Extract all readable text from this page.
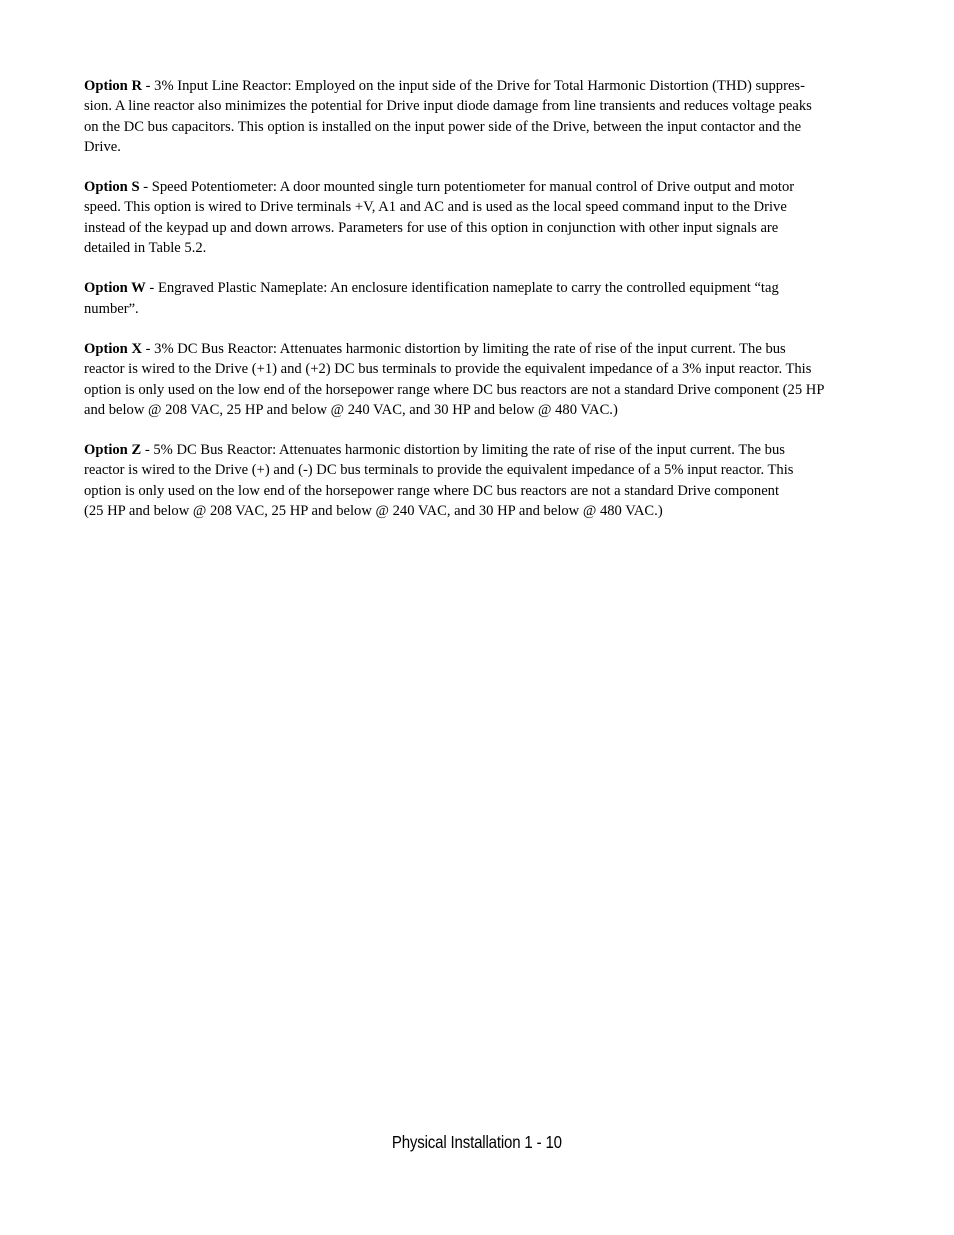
Option R - 3% Input Line Reactor: Employed on the input side of the Drive for Total Harmonic Distortion (THD) suppres-
sion. A line reactor also minimizes the potential for Drive input diode damage from line transients and reduces voltage peaks
on the DC bus capacitors. This option is installed on the input power side of the Drive, between the input contactor and the
Drive.

Option S - Speed Potentiometer: A door mounted single turn potentiometer for manual control of Drive output and motor
speed. This option is wired to Drive terminals +V, A1 and AC and is used as the local speed command input to the Drive
instead of the keypad up and down arrows. Parameters for use of this option in conjunction with other input signals are
detailed in Table 5.2.

Option W - Engraved Plastic Nameplate: An enclosure identification nameplate to carry the controlled equipment “tag
number”.

Option X - 3% DC Bus Reactor: Attenuates harmonic distortion by limiting the rate of rise of the input current. The bus
reactor is wired to the Drive (+1) and (+2) DC bus terminals to provide the equivalent impedance of a 3% input reactor. This
option is only used on the low end of the horsepower range where DC bus reactors are not a standard Drive component (25 HP
and below @ 208 VAC, 25 HP and below @ 240 VAC, and 30 HP and below @ 480 VAC.)

Option Z - 5% DC Bus Reactor: Attenuates harmonic distortion by limiting the rate of rise of the input current. The bus
reactor is wired to the Drive (+) and (-) DC bus terminals to provide the equivalent impedance of a 5% input reactor. This
option is only used on the low end of the horsepower range where DC bus reactors are not a standard Drive component
(25 HP and below @ 208 VAC, 25 HP and below @ 240 VAC, and 30 HP and below @ 480 VAC.)

Physical Installation 1 - 10
